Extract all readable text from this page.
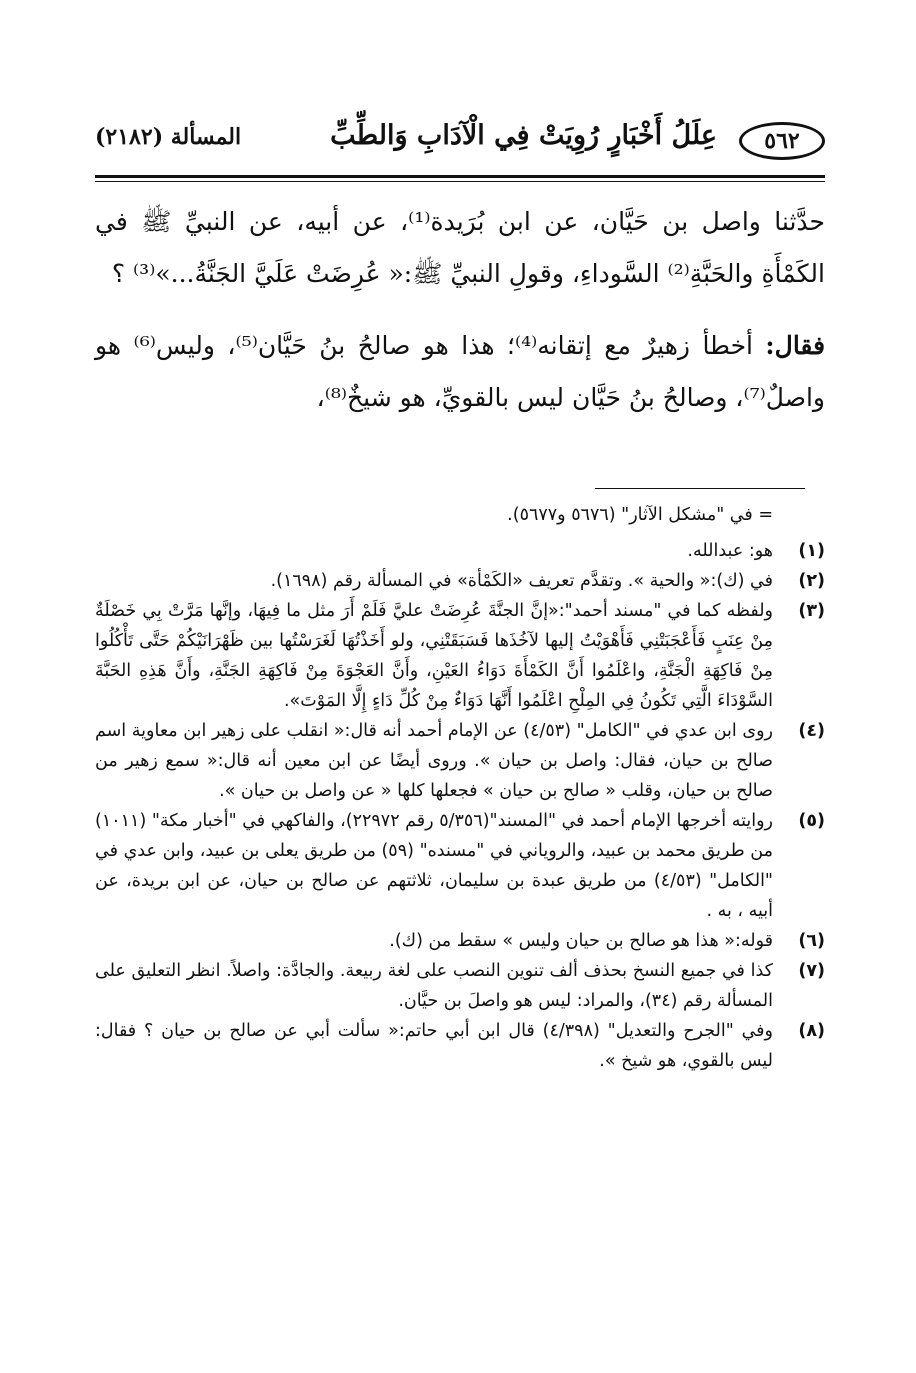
٥٦٢
عِلَلُ أَخْبَارٍ رُوِيَتْ فِي الْآدَابِ وَالطِّبِّ
المسألة (٢١٨٢)

حدَّثنا واصل بن حَيَّان، عن ابن بُرَيدة⁽¹⁾، عن أبيه، عن النبيِّ ﷺ في الكَمْأَةِ والحَبَّةِ⁽²⁾ السَّوداءِ، وقولِ النبيِّ ﷺ:« عُرِضَتْ عَلَيَّ الجَنَّةُ...»⁽³⁾ ؟

فقال: أخطأ زهيرٌ مع إتقانه⁽⁴⁾؛ هذا هو صالحُ بنُ حَيَّان⁽⁵⁾، وليس⁽⁶⁾ هو واصلٌ⁽⁷⁾، وصالحُ بنُ حَيَّان ليس بالقويِّ، هو شيخٌ⁽⁸⁾،

= في "مشكل الآثار" (٥٦٧٦ و٥٦٧٧).

(١)
هو: عبدالله.
(٢)
في (ك):« والحية ». وتقدَّم تعريف «الكَمْأة» في المسألة رقم (١٦٩٨).
(٣)
ولفظه كما في "مسند أحمد":«إنَّ الجنَّةَ عُرِضَتْ عليَّ فَلَمْ أَرَ مثل ما فِيهَا، وإنَّها مَرَّتْ بِي خَصْلَةٌ مِنْ عِنَبٍ فَأَعْجَبَتْنِي فَأَهْوَيْتُ إليها لآخُذَها فَسَبَقَتْنِي، ولو أَخَذْتُهَا لَغَرَسْتُها بين ظَهْرَانَيْكُمْ حَتَّى تَأْكُلُوا مِنْ فَاكِهَةِ الْجَنَّةِ، واعْلَمُوا أَنَّ الكَمْأَةَ دَوَاءُ العَيْنِ، وأَنَّ العَجْوَةَ مِنْ فَاكِهَةِ الجَنَّةِ، وأَنَّ هَذِهِ الحَبَّةَ السَّوْدَاءَ الَّتِي تَكُونُ فِي المِلْحِ اعْلَمُوا أَنَّهَا دَوَاءٌ مِنْ كُلِّ دَاءٍ إِلَّا المَوْتَ».
(٤)
روى ابن عدي في "الكامل" (٤/٥٣) عن الإمام أحمد أنه قال:« انقلب على زهير ابن معاوية اسم صالح بن حيان، فقال: واصل بن حيان ». وروى أيضًا عن ابن معين أنه قال:« سمع زهير من صالح بن حيان، وقلب « صالح بن حيان » فجعلها كلها « عن واصل بن حيان ».
(٥)
روايته أخرجها الإمام أحمد في "المسند"(٥/٣٥٦ رقم ٢٢٩٧٢)، والفاكهي في "أخبار مكة" (١٠١١) من طريق محمد بن عبيد، والروياني في "مسنده" (٥٩) من طريق يعلى بن عبيد، وابن عدي في "الكامل" (٤/٥٣) من طريق عبدة بن سليمان، ثلاثتهم عن صالح بن حيان، عن ابن بريدة، عن أبيه ، به .
(٦)
قوله:« هذا هو صالح بن حيان وليس » سقط من (ك).
(٧)
كذا في جميع النسخ بحذف ألف تنوين النصب على لغة ربيعة. والجادَّة: واصلاً. انظر التعليق على المسألة رقم (٣٤)، والمراد: ليس هو واصلَ بن حيَّان.
(٨)
وفي "الجرح والتعديل" (٤/٣٩٨) قال ابن أبي حاتم:« سألت أبي عن صالح بن حيان ؟ فقال: ليس بالقوي، هو شيخ ».
